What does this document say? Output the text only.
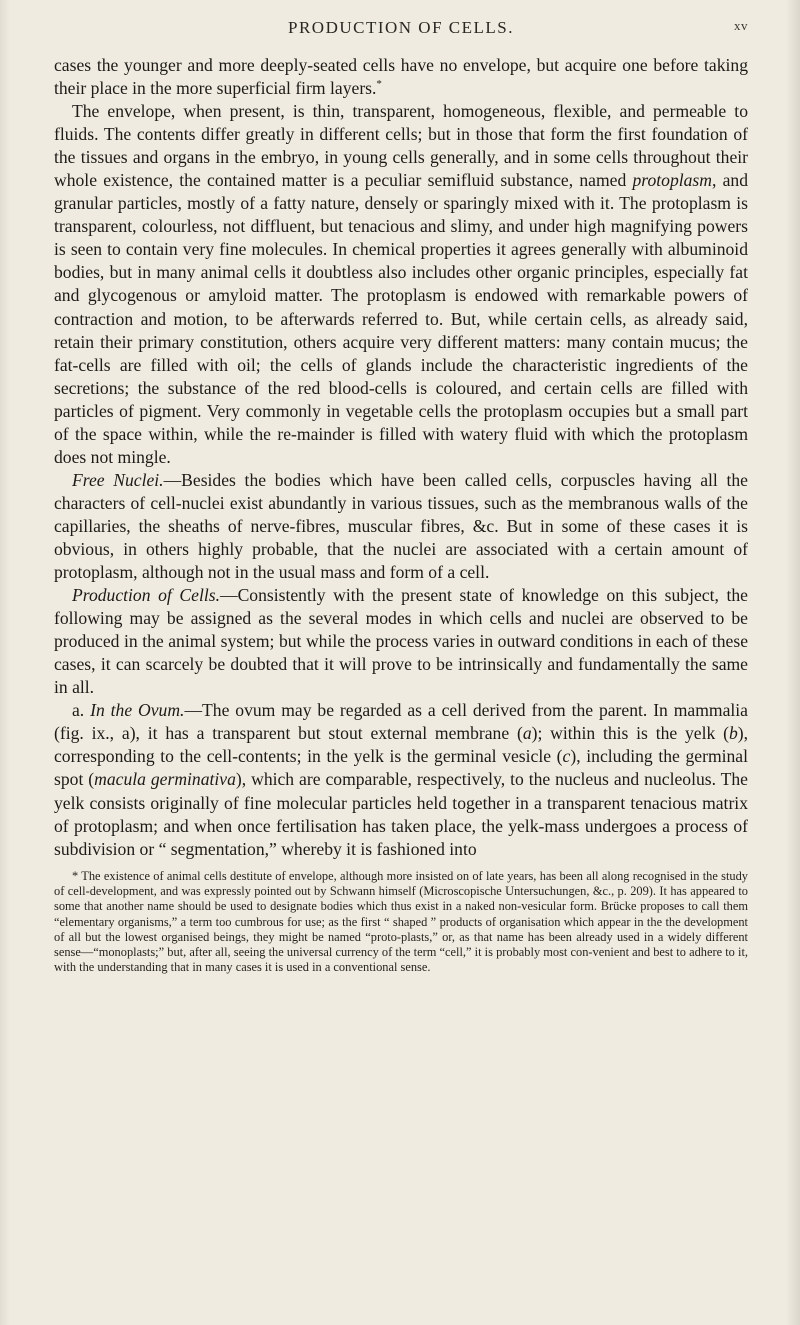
PRODUCTION OF CELLS.	xv

cases the younger and more deeply-seated cells have no envelope, but acquire one before taking their place in the more superficial firm layers.*

The envelope, when present, is thin, transparent, homogeneous, flexible, and permeable to fluids. The contents differ greatly in different cells; but in those that form the first foundation of the tissues and organs in the embryo, in young cells generally, and in some cells throughout their whole existence, the contained matter is a peculiar semifluid substance, named protoplasm, and granular particles, mostly of a fatty nature, densely or sparingly mixed with it. The protoplasm is transparent, colourless, not diffluent, but tenacious and slimy, and under high magnifying powers is seen to contain very fine molecules. In chemical properties it agrees generally with albuminoid bodies, but in many animal cells it doubtless also includes other organic principles, especially fat and glycogenous or amyloid matter. The protoplasm is endowed with remarkable powers of contraction and motion, to be afterwards referred to. But, while certain cells, as already said, retain their primary constitution, others acquire very different matters: many contain mucus; the fat-cells are filled with oil; the cells of glands include the characteristic ingredients of the secretions; the substance of the red blood-cells is coloured, and certain cells are filled with particles of pigment. Very commonly in vegetable cells the protoplasm occupies but a small part of the space within, while the re-mainder is filled with watery fluid with which the protoplasm does not mingle.

Free Nuclei.—Besides the bodies which have been called cells, corpuscles having all the characters of cell-nuclei exist abundantly in various tissues, such as the membranous walls of the capillaries, the sheaths of nerve-fibres, muscular fibres, &c. But in some of these cases it is obvious, in others highly probable, that the nuclei are associated with a certain amount of protoplasm, although not in the usual mass and form of a cell.

Production of Cells.—Consistently with the present state of knowledge on this subject, the following may be assigned as the several modes in which cells and nuclei are observed to be produced in the animal system; but while the process varies in outward conditions in each of these cases, it can scarcely be doubted that it will prove to be intrinsically and fundamentally the same in all.

a. In the Ovum.—The ovum may be regarded as a cell derived from the parent. In mammalia (fig. ix., a), it has a transparent but stout external membrane (a); within this is the yelk (b), corresponding to the cell-contents; in the yelk is the germinal vesicle (c), including the germinal spot (macula germinativa), which are comparable, respectively, to the nucleus and nucleolus. The yelk consists originally of fine molecular particles held together in a transparent tenacious matrix of protoplasm; and when once fertilisation has taken place, the yelk-mass undergoes a process of subdivision or “ segmentation,” whereby it is fashioned into

* The existence of animal cells destitute of envelope, although more insisted on of late years, has been all along recognised in the study of cell-development, and was expressly pointed out by Schwann himself (Microscopische Untersuchungen, &c., p. 209). It has appeared to some that another name should be used to designate bodies which thus exist in a naked non-vesicular form. Brücke proposes to call them “elementary organisms,” a term too cumbrous for use; as the first “ shaped ” products of organisation which appear in the the development of all but the lowest organised beings, they might be named “proto-plasts,” or, as that name has been already used in a widely different sense—“monoplasts;” but, after all, seeing the universal currency of the term “cell,” it is probably most con-venient and best to adhere to it, with the understanding that in many cases it is used in a conventional sense.
